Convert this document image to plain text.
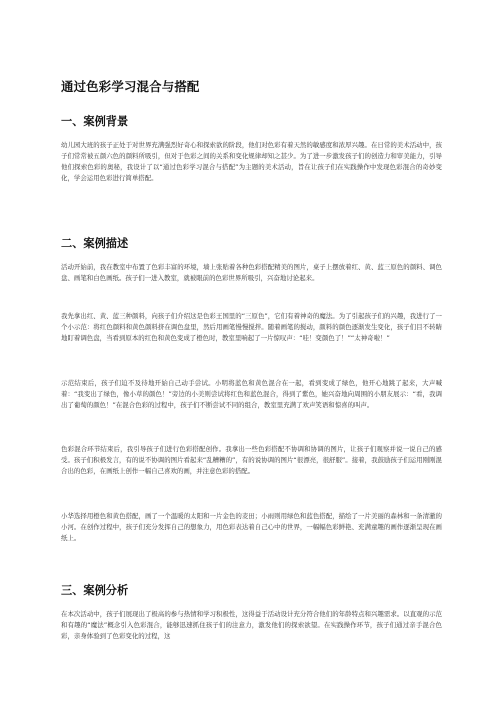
通过色彩学习混合与搭配
一、案例背景

幼儿园大班的孩子正处于对世界充满强烈好奇心和探索欲的阶段，他们对色彩有着天然的敏感度和浓厚兴趣。在日常的美术活动中，孩子们常常被五颜六色的颜料所吸引，但对于色彩之间的关系和变化规律却知之甚少。为了进一步激发孩子们的创造力和审美能力，引导他们探索色彩的奥秘，我设计了以“通过色彩学习混合与搭配”为主题的美术活动，旨在让孩子们在实践操作中发现色彩混合的奇妙变化，学会运用色彩进行简单搭配。

二、案例描述

活动开始前，我在教室中布置了色彩丰富的环境，墙上张贴着各种色彩搭配精美的图片，桌子上摆放着红、黄、蓝三原色的颜料、调色盘、画笔和白色画纸。孩子们一进入教室，就被眼前的色彩世界所吸引，兴奋地讨论起来。

我先拿出红、黄、蓝三种颜料，向孩子们介绍这是色彩王国里的“三原色”，它们有着神奇的魔法。为了引起孩子们的兴趣，我进行了一个小示范：将红色颜料和黄色颜料挤在调色盘里，然后用画笔慢慢搅拌。随着画笔的搅动，颜料的颜色逐渐发生变化，孩子们目不转睛地盯着调色盘，当看到原本的红色和黄色变成了橙色时，教室里响起了一片惊叹声：“哇！变颜色了！”“太神奇啦！”

示范结束后，孩子们迫不及待地开始自己动手尝试。小明将蓝色和黄色混合在一起，看到变成了绿色，他开心地跳了起来，大声喊着：“我变出了绿色，像小草的颜色！”旁边的小美则尝试将红色和蓝色混合，得到了紫色，她兴奋地向周围的小朋友展示：“看，我调出了葡萄的颜色！”在混合色彩的过程中，孩子们不断尝试不同的组合，教室里充满了欢声笑语和惊喜的叫声。

色彩混合环节结束后，我引导孩子们进行色彩搭配创作。我拿出一些色彩搭配不协调和协调的图片，让孩子们观察并说一说自己的感受。孩子们积极发言，有的说不协调的图片看起来“乱糟糟的”，有的说协调的图片“很漂亮，很舒服”。接着，我鼓励孩子们运用刚刚混合出的色彩，在画纸上创作一幅自己喜欢的画，并注意色彩的搭配。

小华选择用橙色和黄色搭配，画了一个温暖的太阳和一片金色的麦田；小雨则用绿色和蓝色搭配，描绘了一片美丽的森林和一条清澈的小河。在创作过程中，孩子们充分发挥自己的想象力，用色彩表达着自己心中的世界，一幅幅色彩鲜艳、充满童趣的画作逐渐呈现在画纸上。

三、案例分析

在本次活动中，孩子们展现出了极高的参与热情和学习积极性，这得益于活动设计充分符合他们的年龄特点和兴趣需求。以直观的示范和有趣的“魔法”概念引入色彩混合，能够迅速抓住孩子们的注意力，激发他们的探索欲望。在实践操作环节，孩子们通过亲手混合色彩，亲身体验到了色彩变化的过程，这
